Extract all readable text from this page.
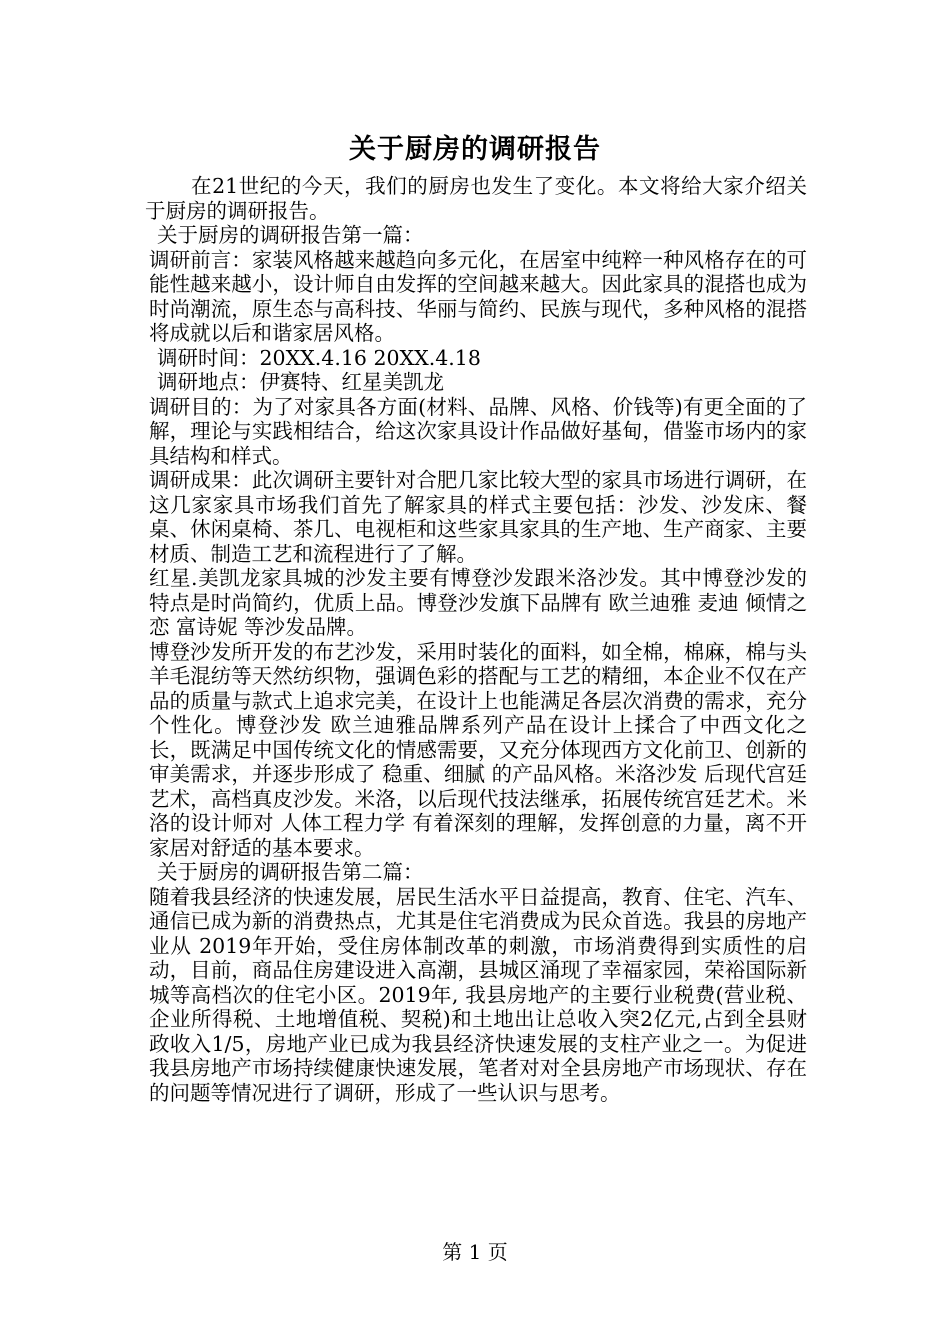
关于厨房的调研报告

在21世纪的今天，我们的厨房也发生了变化。本文将给大家介绍关于厨房的调研报告。

关于厨房的调研报告第一篇：

调研前言：家装风格越来越趋向多元化，在居室中纯粹一种风格存在的可能性越来越小，设计师自由发挥的空间越来越大。因此家具的混搭也成为时尚潮流，原生态与高科技、华丽与简约、民族与现代，多种风格的混搭将成就以后和谐家居风格。

调研时间：20XX.4.16 20XX.4.18

调研地点：伊赛特、红星美凯龙

调研目的：为了对家具各方面(材料、品牌、风格、价钱等)有更全面的了解，理论与实践相结合，给这次家具设计作品做好基甸，借鉴市场内的家具结构和样式。

调研成果：此次调研主要针对合肥几家比较大型的家具市场进行调研，在这几家家具市场我们首先了解家具的样式主要包括：沙发、沙发床、餐桌、休闲桌椅、茶几、电视柜和这些家具家具的生产地、生产商家、主要材质、制造工艺和流程进行了了解。

红星.美凯龙家具城的沙发主要有博登沙发跟米洛沙发。其中博登沙发的特点是时尚简约，优质上品。博登沙发旗下品牌有 欧兰迪雅 麦迪 倾情之恋 富诗妮 等沙发品牌。

博登沙发所开发的布艺沙发，采用时装化的面料，如全棉，棉麻，棉与头羊毛混纺等天然纺织物，强调色彩的搭配与工艺的精细，本企业不仅在产品的质量与款式上追求完美，在设计上也能满足各层次消费的需求，充分个性化。博登沙发 欧兰迪雅品牌系列产品在设计上揉合了中西文化之长，既满足中国传统文化的情感需要，又充分体现西方文化前卫、创新的审美需求，并逐步形成了 稳重、细腻 的产品风格。米洛沙发 后现代宫廷艺术，高档真皮沙发。米洛，以后现代技法继承，拓展传统宫廷艺术。米洛的设计师对 人体工程力学 有着深刻的理解，发挥创意的力量，离不开家居对舒适的基本要求。

关于厨房的调研报告第二篇：

随着我县经济的快速发展，居民生活水平日益提高，教育、住宅、汽车、通信已成为新的消费热点，尤其是住宅消费成为民众首选。我县的房地产业从 2019年开始，受住房体制改革的刺激，市场消费得到实质性的启动，目前，商品住房建设进入高潮，县城区涌现了幸福家园，荣裕国际新城等高档次的住宅小区。2019年, 我县房地产的主要行业税费(营业税、企业所得税、土地增值税、契税)和土地出让总收入突2亿元,占到全县财政收入1/5，房地产业已成为我县经济快速发展的支柱产业之一。为促进我县房地产市场持续健康快速发展，笔者对对全县房地产市场现状、存在的问题等情况进行了调研，形成了一些认识与思考。

第 1 页
